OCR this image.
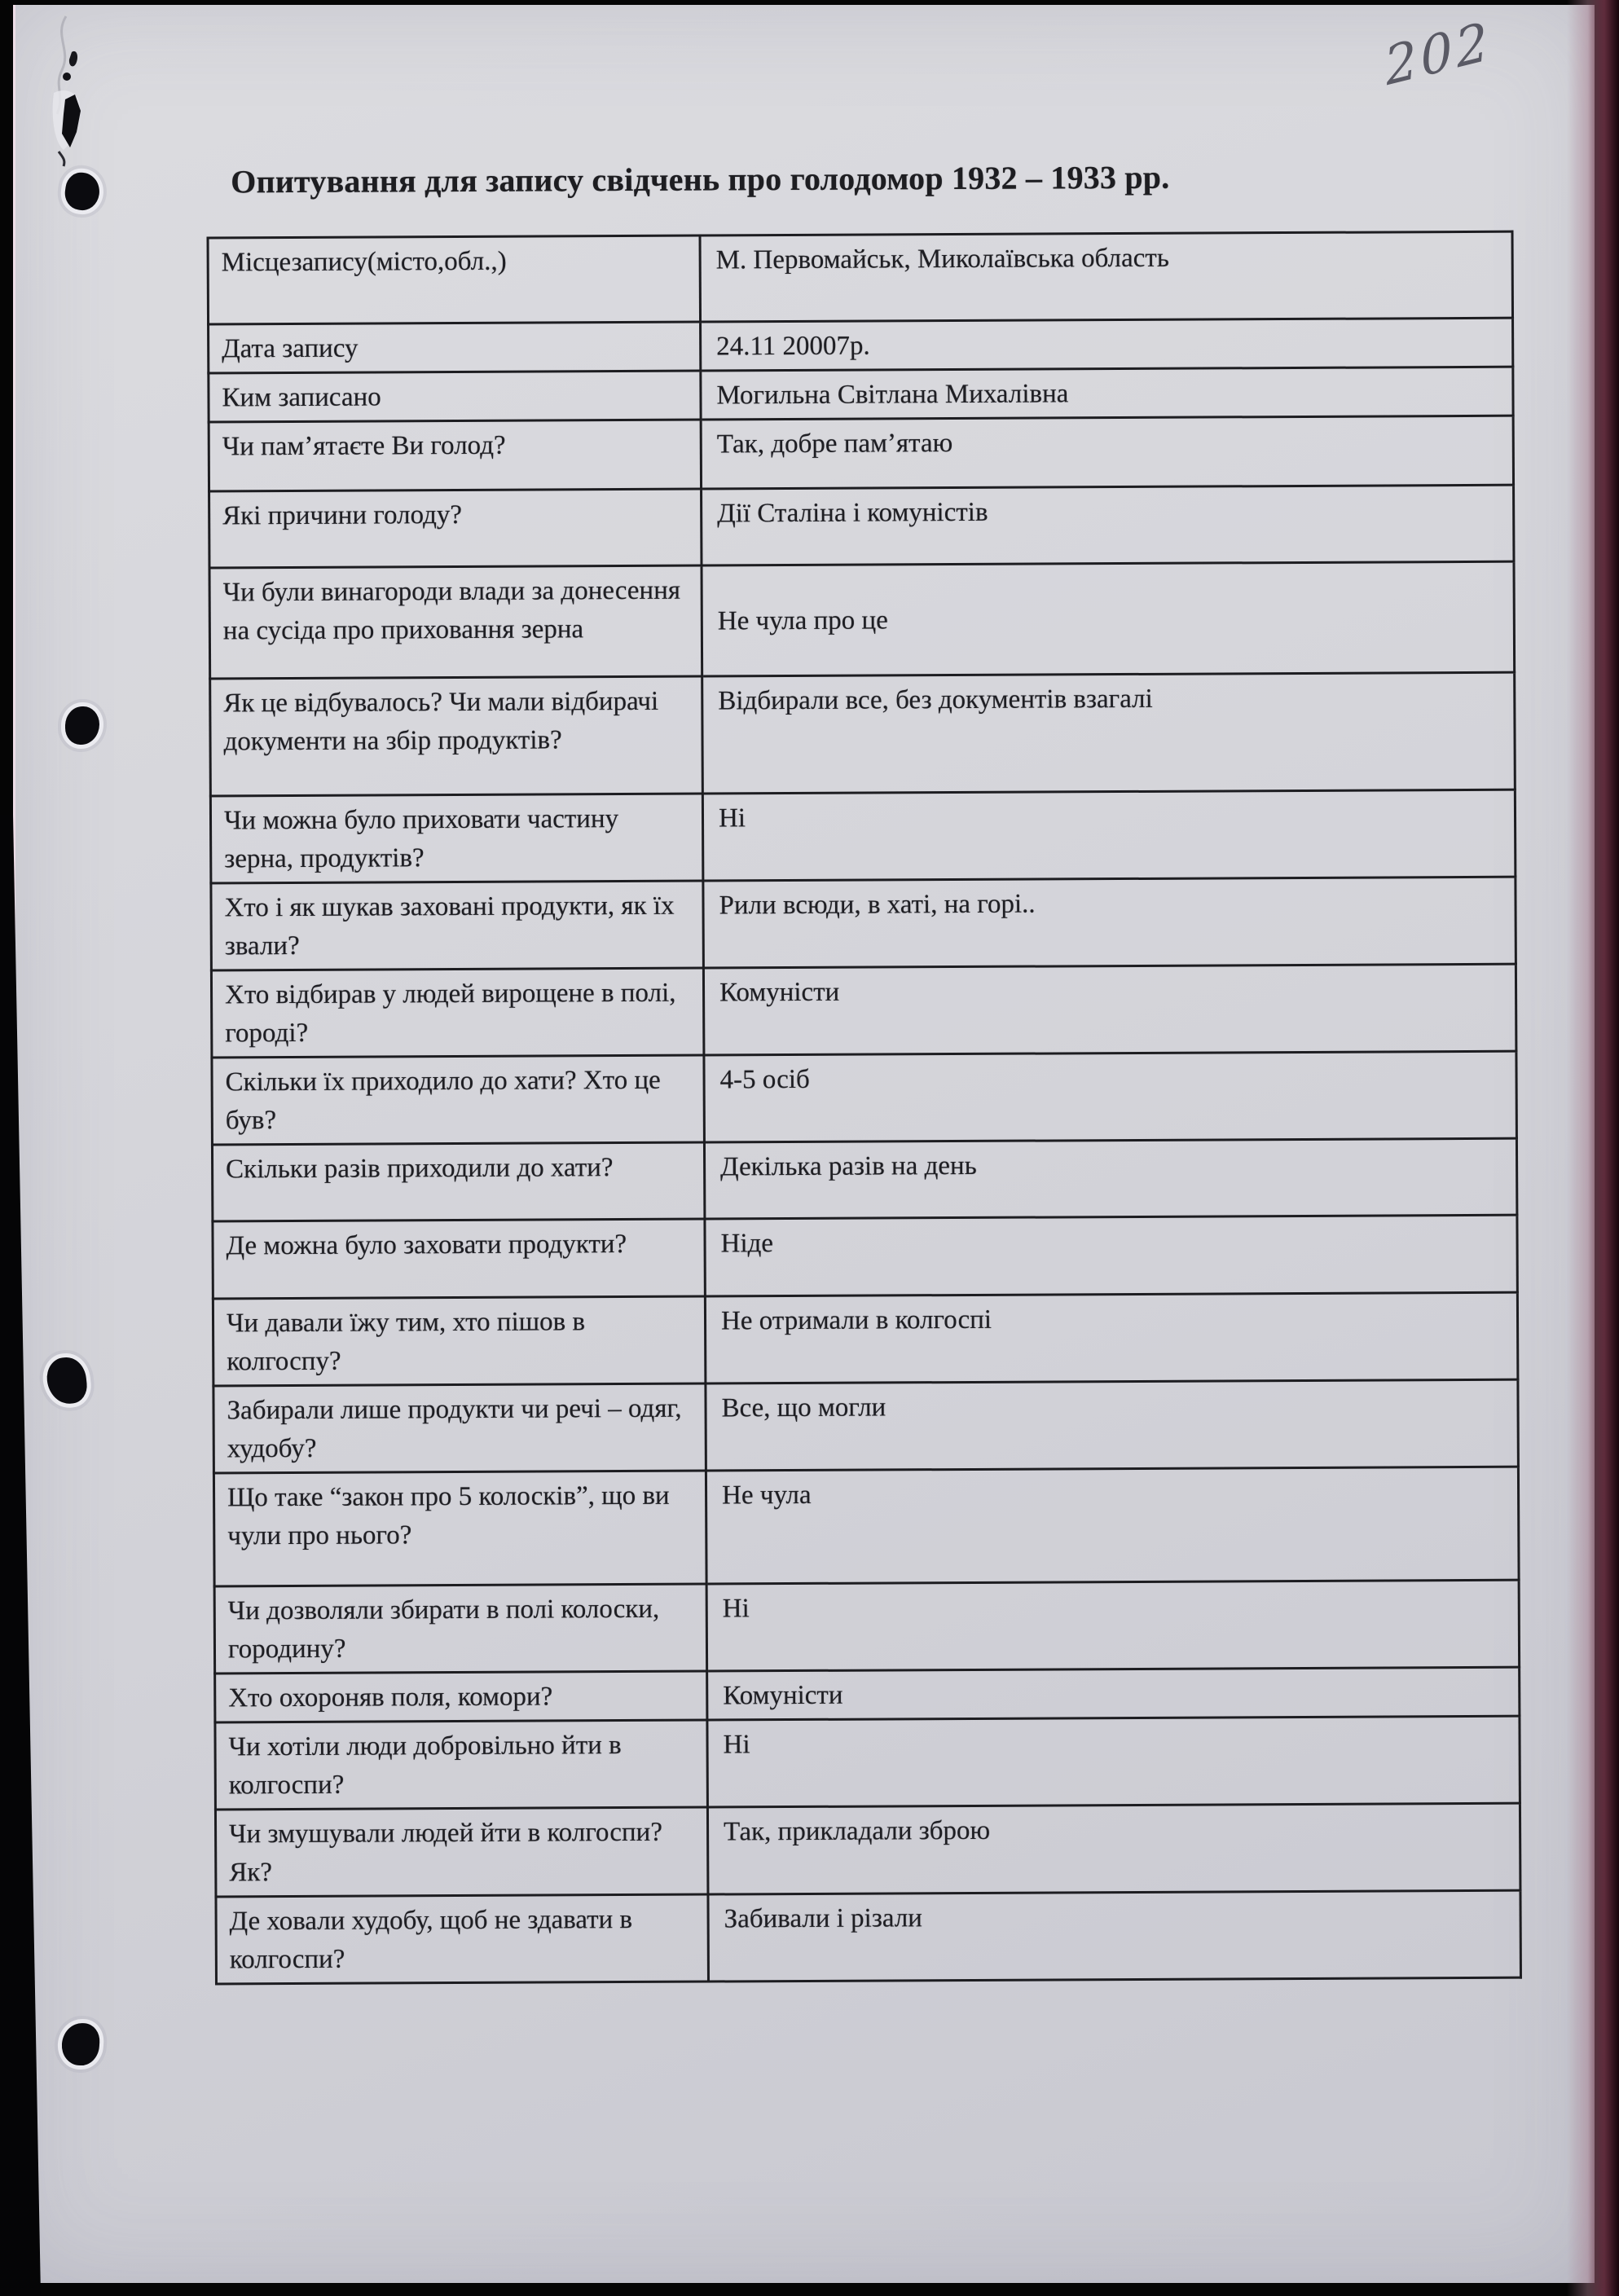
202
Опитування для запису свідчень про голодомор 1932 – 1933 рр.
Місцезапису(місто,обл.,)	М. Первомайськ, Миколаївська область
Дата запису	24.11 20007р.
Ким записано	Могильна Світлана Михалівна
Чи пам’ятаєте Ви голод?	Так, добре пам’ятаю
Які причини голоду?	Дії Сталіна і комуністів
Чи були винагороди влади за донесення на сусіда про приховання зерна	Не чула про це
Як це відбувалось? Чи мали відбирачі документи на збір продуктів?	Відбирали все, без документів взагалі
Чи можна було приховати частину зерна, продуктів?	Ні
Хто і як шукав заховані продукти, як їх звали?	Рили всюди, в хаті, на горі..
Хто відбирав у людей вирощене в полі, городі?	Комуністи
Скільки їх приходило до хати? Хто це був?	4-5 осіб
Скільки разів приходили до хати?	Декілька разів на день
Де можна було заховати продукти?	Ніде
Чи давали їжу тим, хто пішов в колгоспу?	Не отримали в колгоспі
Забирали лише продукти чи речі – одяг, худобу?	Все, що могли
Що таке “закон про 5 колосків”, що ви чули про нього?	Не чула
Чи дозволяли збирати в полі колоски, городину?	Ні
Хто охороняв поля, комори?	Комуністи
Чи хотіли люди добровільно йти в колгоспи?	Ні
Чи змушували людей йти в колгоспи? Як?	Так, прикладали зброю
Де ховали худобу, щоб не здавати в колгоспи?	Забивали і різали
